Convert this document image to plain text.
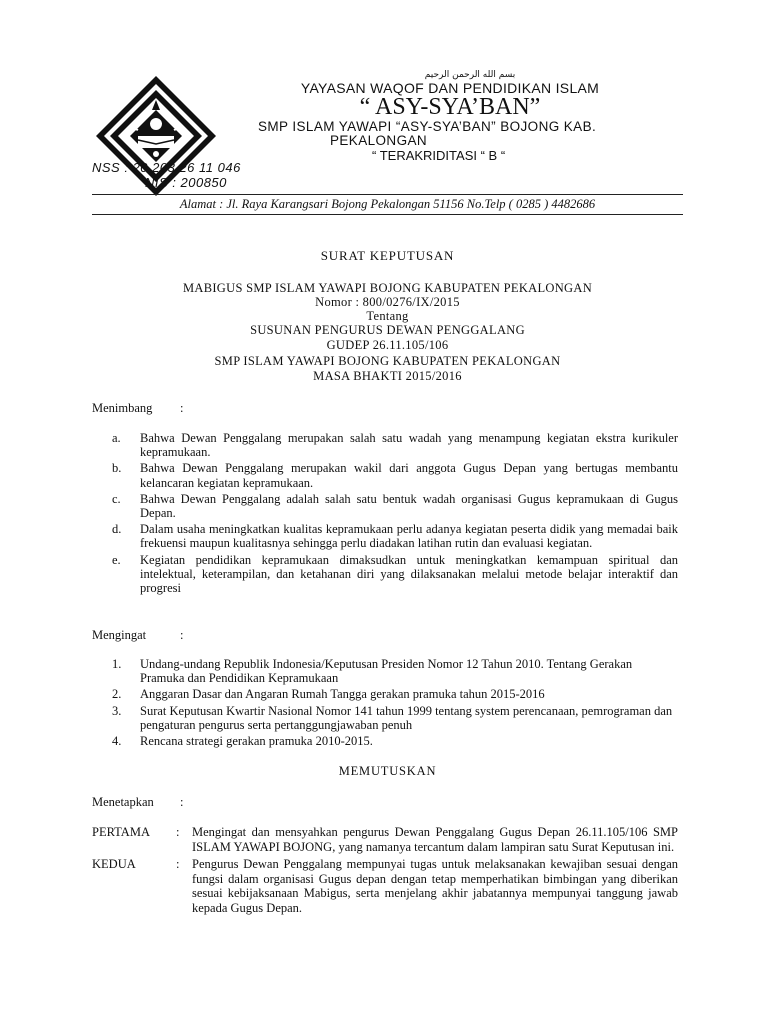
بسم الله الرحمن الرحيم
YAYASAN WAQOF DAN PENDIDIKAN ISLAM
“ ASY-SYA’BAN”
SMP ISLAM YAWAPI “ASY-SYA’BAN” BOJONG KAB.
PEKALONGAN
“ TERAKRIDITASI “ B “
NSS : 20 203 26 11 046
NIS : 200850
Alamat : Jl. Raya Karangsari Bojong Pekalongan 51156 No.Telp ( 0285 ) 4482686
SURAT KEPUTUSAN
MABIGUS SMP ISLAM YAWAPI BOJONG KABUPATEN PEKALONGAN
Nomor : 800/0276/IX/2015
Tentang
SUSUNAN PENGURUS DEWAN PENGGALANG
GUDEP 26.11.105/106
SMP ISLAM YAWAPI BOJONG KABUPATEN PEKALONGAN
MASA BHAKTI 2015/2016
Menimbang :
a.	Bahwa Dewan Penggalang merupakan salah satu wadah yang menampung kegiatan ekstra kurikuler kepramukaan.
b.	Bahwa Dewan Penggalang merupakan wakil dari anggota Gugus Depan yang bertugas membantu kelancaran kegiatan kepramukaan.
c.	Bahwa Dewan Penggalang adalah salah satu bentuk wadah organisasi Gugus kepramukaan di Gugus Depan.
d.	Dalam usaha meningkatkan kualitas kepramukaan perlu adanya kegiatan peserta didik yang memadai baik frekuensi maupun kualitasnya sehingga perlu diadakan latihan rutin dan evaluasi kegiatan.
e.	Kegiatan pendidikan kepramukaan dimaksudkan untuk meningkatkan kemampuan spiritual dan intelektual, keterampilan, dan ketahanan diri yang dilaksanakan melalui metode belajar interaktif dan progresi
Mengingat	:
1.	Undang-undang Republik Indonesia/Keputusan Presiden Nomor 12 Tahun 2010. Tentang Gerakan Pramuka dan Pendidikan Kepramukaan
2.	Anggaran Dasar dan Angaran Rumah Tangga gerakan pramuka tahun 2015-2016
3.	Surat Keputusan Kwartir Nasional Nomor 141 tahun 1999 tentang system perencanaan, pemrograman dan pengaturan pengurus serta pertanggungjawaban penuh
4.	Rencana strategi gerakan pramuka 2010-2015.
MEMUTUSKAN
Menetapkan :
PERTAMA : Mengingat dan mensyahkan pengurus Dewan Penggalang Gugus Depan 26.11.105/106 SMP ISLAM YAWAPI BOJONG, yang namanya tercantum dalam lampiran satu Surat Keputusan ini.
KEDUA	: Pengurus Dewan Penggalang mempunyai tugas untuk melaksanakan kewajiban sesuai dengan fungsi dalam organisasi Gugus depan dengan tetap memperhatikan bimbingan yang diberikan sesuai kebijaksanaan Mabigus, serta menjelang akhir jabatannya mempunyai tanggung jawab kepada Gugus Depan.
